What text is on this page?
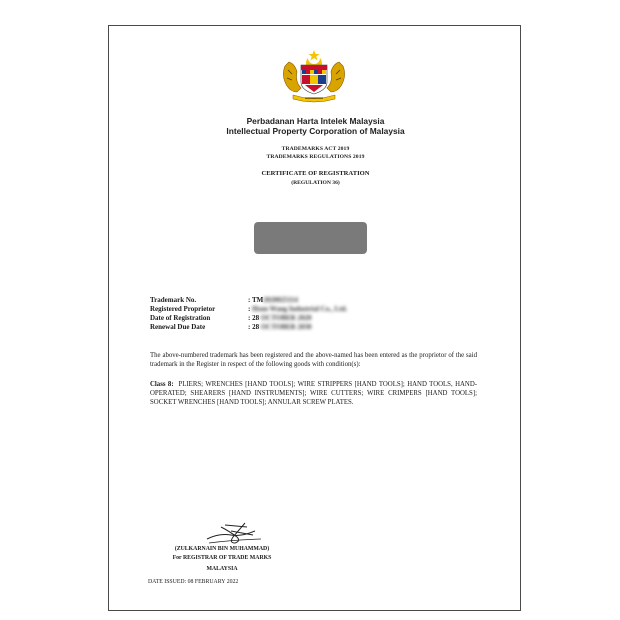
Perbadanan Harta Intelek Malaysia
Intellectual Property Corporation of Malaysia
TRADEMARKS ACT 2019
TRADEMARKS REGULATIONS 2019
CERTIFICATE OF REGISTRATION
(REGULATION 36)
Trademark No.	: TM2020025114
Registered Proprietor	: Hsun Wang Industrial Co., Ltd.
Date of Registration	: 28 OCTOBER 2020
Renewal Due Date	: 28 OCTOBER 2030
The above-numbered trademark has been registered and the above-named has been entered as the proprietor of the said trademark in the Register in respect of the following goods with condition(s):
Class 8: PLIERS; WRENCHES [HAND TOOLS]; WIRE STRIPPERS [HAND TOOLS]; HAND TOOLS, HAND-OPERATED; SHEARERS [HAND INSTRUMENTS]; WIRE CUTTERS; WIRE CRIMPERS [HAND TOOLS]; SOCKET WRENCHES [HAND TOOLS]; ANNULAR SCREW PLATES.
(ZULKARNAIN BIN MUHAMMAD)
For REGISTRAR OF TRADE MARKS
MALAYSIA
DATE ISSUED: 08 FEBRUARY 2022
